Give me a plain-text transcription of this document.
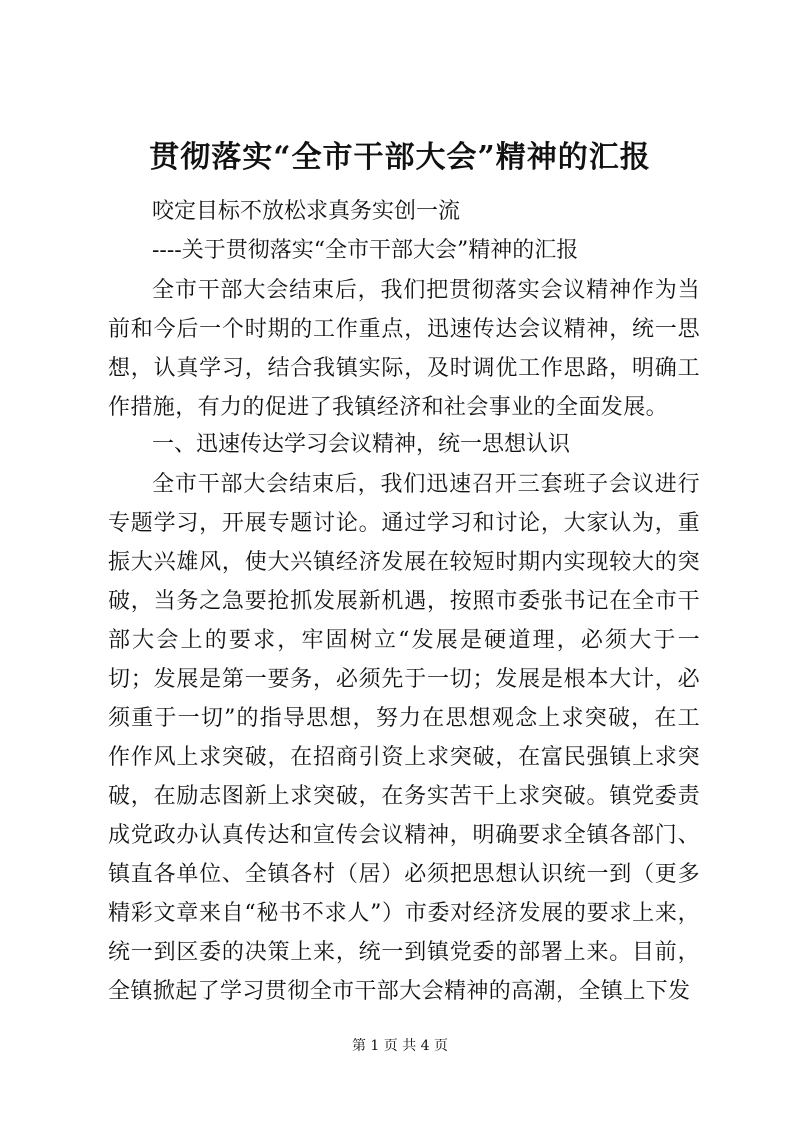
贯彻落实“全市干部大会”精神的汇报
咬定目标不放松求真务实创一流
----关于贯彻落实“全市干部大会”精神的汇报
全市干部大会结束后，我们把贯彻落实会议精神作为当前和今后一个时期的工作重点，迅速传达会议精神，统一思想，认真学习，结合我镇实际，及时调优工作思路，明确工作措施，有力的促进了我镇经济和社会事业的全面发展。
一、迅速传达学习会议精神，统一思想认识
全市干部大会结束后，我们迅速召开三套班子会议进行专题学习，开展专题讨论。通过学习和讨论，大家认为，重振大兴雄风，使大兴镇经济发展在较短时期内实现较大的突破，当务之急要抢抓发展新机遇，按照市委张书记在全市干部大会上的要求，牢固树立“发展是硬道理，必须大于一切；发展是第一要务，必须先于一切；发展是根本大计，必须重于一切”的指导思想，努力在思想观念上求突破，在工作作风上求突破，在招商引资上求突破，在富民强镇上求突破，在励志图新上求突破，在务实苦干上求突破。镇党委责成党政办认真传达和宣传会议精神，明确要求全镇各部门、镇直各单位、全镇各村（居）必须把思想认识统一到（更多精彩文章来自“秘书不求人”）市委对经济发展的要求上来，统一到区委的决策上来，统一到镇党委的部署上来。目前，全镇掀起了学习贯彻全市干部大会精神的高潮，全镇上下发
第 1 页 共 4 页
